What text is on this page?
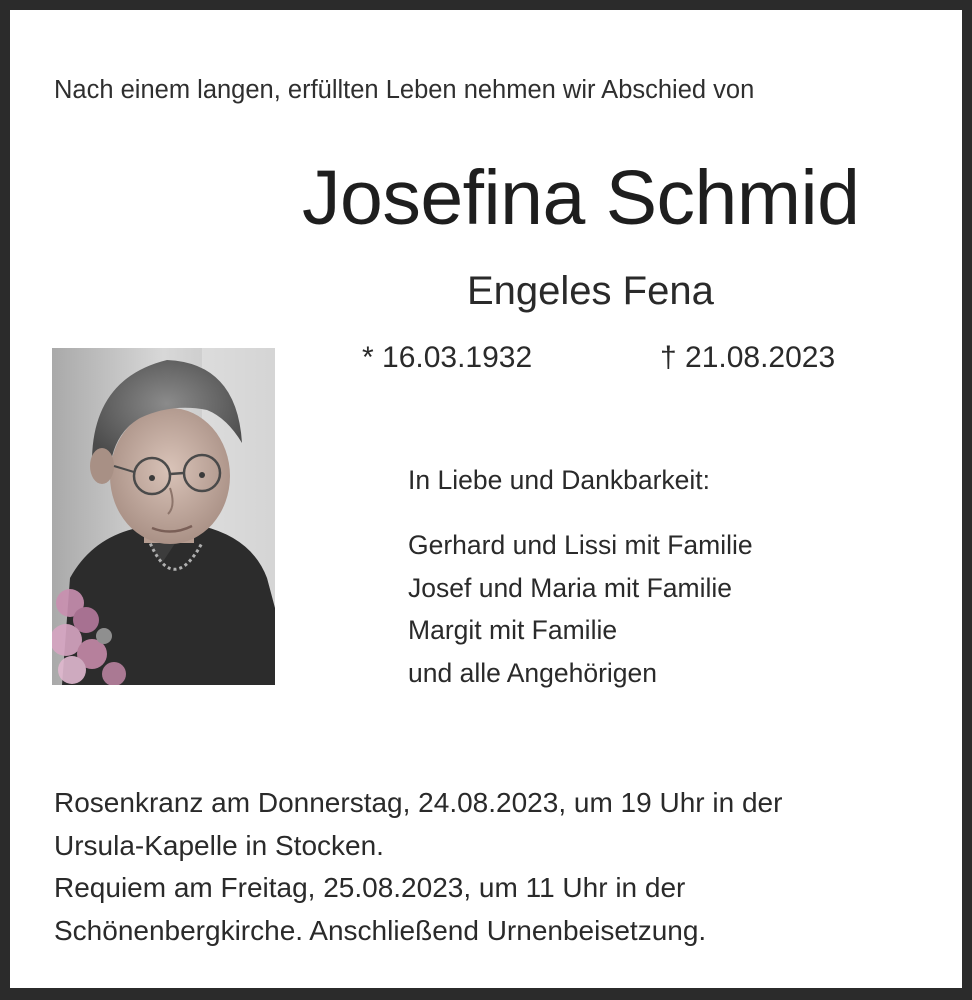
Nach einem langen, erfüllten Leben nehmen wir Abschied von
Josefina Schmid
Engeles Fena
* 16.03.1932	† 21.08.2023
In Liebe und Dankbarkeit:
Gerhard und Lissi mit Familie
Josef und Maria mit Familie
Margit mit Familie
und alle Angehörigen
Rosenkranz am Donnerstag, 24.08.2023, um 19 Uhr in der
Ursula-Kapelle in Stocken.
Requiem am Freitag, 25.08.2023, um 11 Uhr in der
Schönenbergkirche. Anschließend Urnenbeisetzung.
